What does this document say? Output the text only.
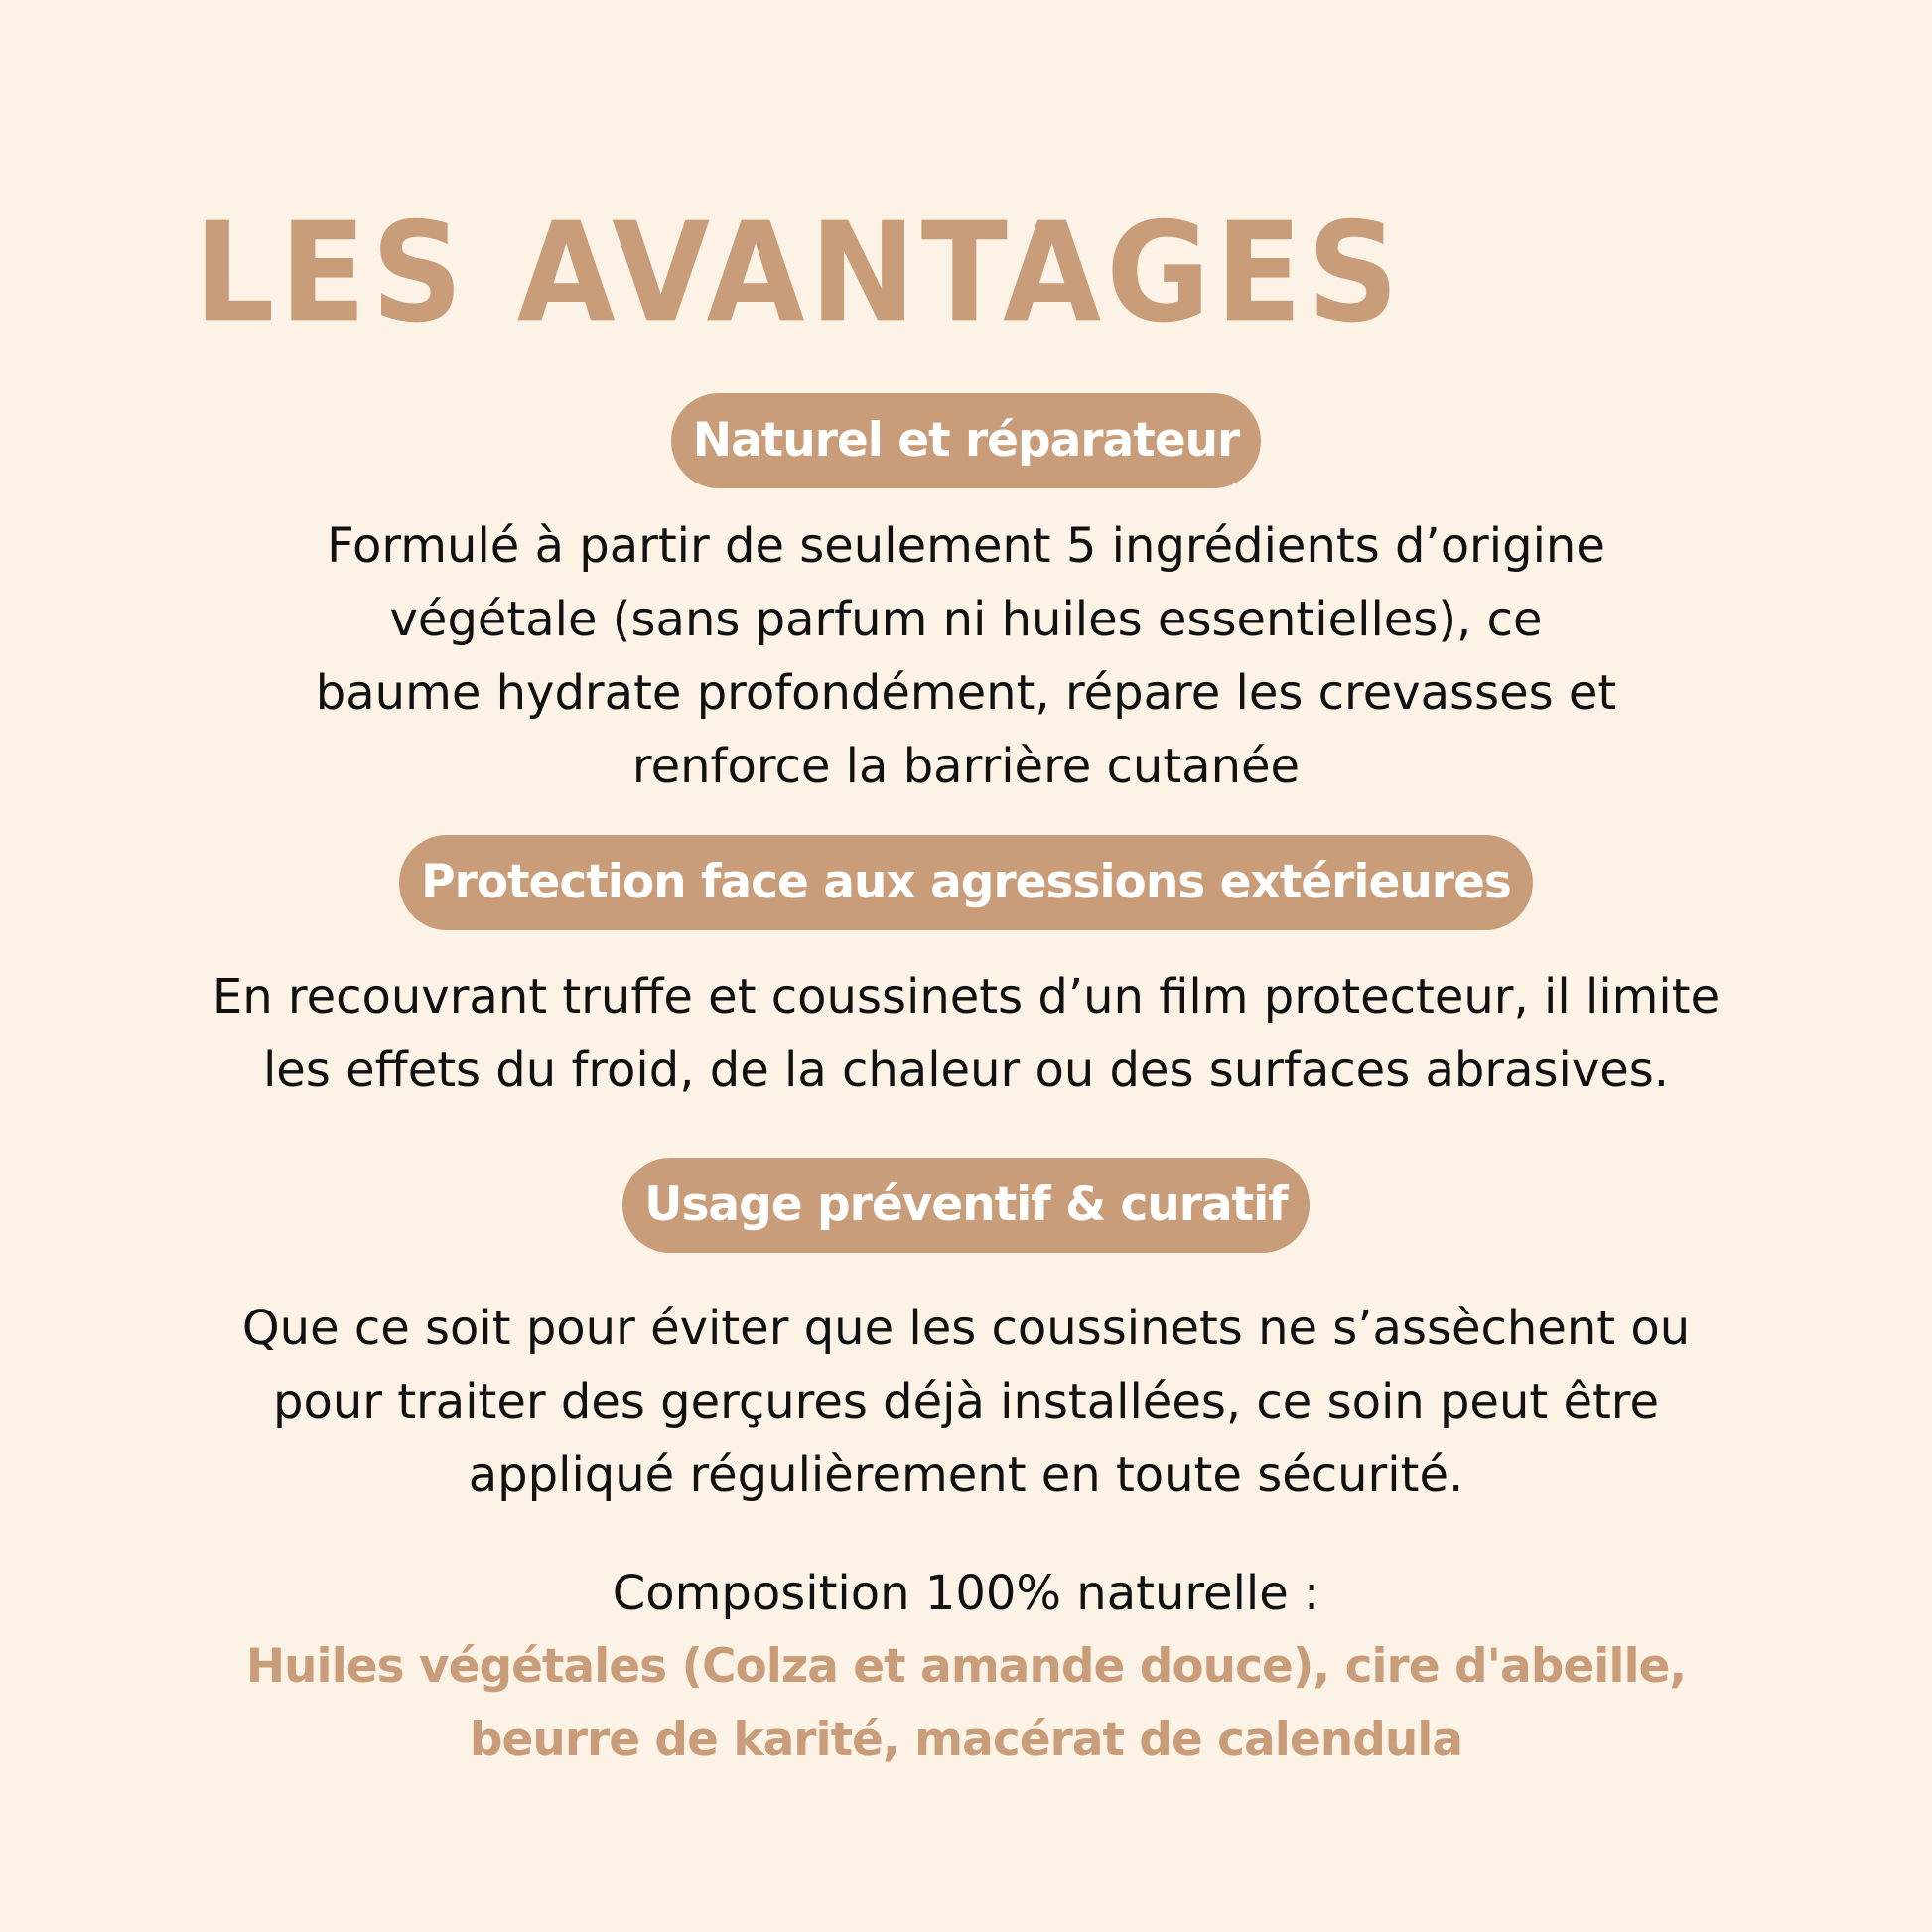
LES AVANTAGES
Naturel et réparateur

Formulé à partir de seulement 5 ingrédients d’origine
végétale (sans parfum ni huiles essentielles), ce
baume hydrate profondément, répare les crevasses et
renforce la barrière cutanée

Protection face aux agressions extérieures

En recouvrant truffe et coussinets d’un film protecteur, il limite
les effets du froid, de la chaleur ou des surfaces abrasives.

Usage préventif & curatif

Que ce soit pour éviter que les coussinets ne s’assèchent ou
pour traiter des gerçures déjà installées, ce soin peut être
appliqué régulièrement en toute sécurité.

Composition 100% naturelle :

Huiles végétales (Colza et amande douce), cire d'abeille,
beurre de karité, macérat de calendula
